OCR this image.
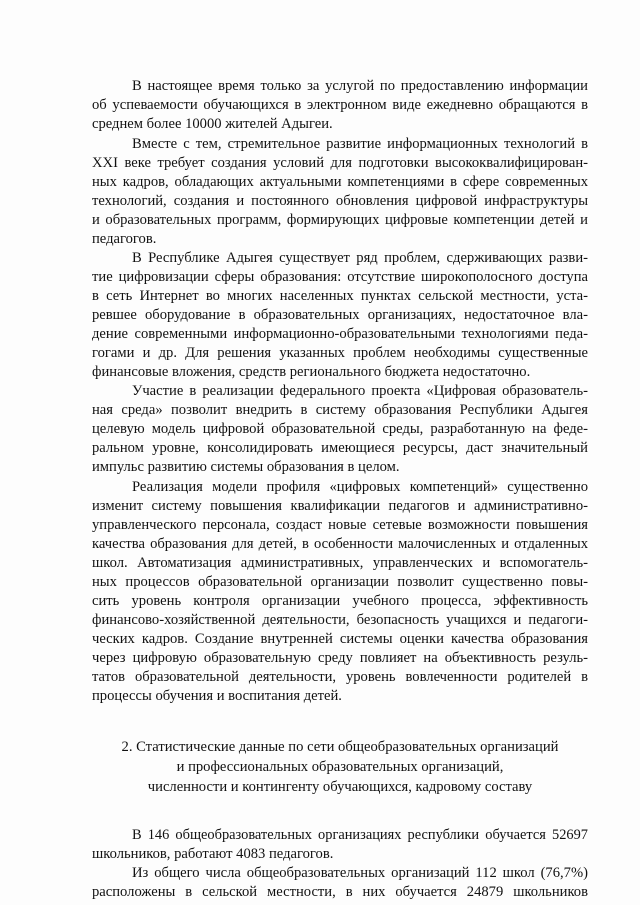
В настоящее время только за услугой по предоставлению информации
об успеваемости обучающихся в электронном виде ежедневно обращаются в
среднем более 10000 жителей Адыгеи.
Вместе с тем, стремительное развитие информационных технологий в
XXI веке требует создания условий для подготовки высококвалифицирован-
ных кадров, обладающих актуальными компетенциями в сфере современных
технологий, создания и постоянного обновления цифровой инфраструктуры
и образовательных программ, формирующих цифровые компетенции детей и
педагогов.
В Республике Адыгея существует ряд проблем, сдерживающих разви-
тие цифровизации сферы образования: отсутствие широкополосного доступа
в сеть Интернет во многих населенных пунктах сельской местности, уста-
ревшее оборудование в образовательных организациях, недостаточное вла-
дение современными информационно-образовательными технологиями педа-
гогами и др. Для решения указанных проблем необходимы существенные
финансовые вложения, средств регионального бюджета недостаточно.
Участие в реализации федерального проекта «Цифровая образователь-
ная среда» позволит внедрить в систему образования Республики Адыгея
целевую модель цифровой образовательной среды, разработанную на феде-
ральном уровне, консолидировать имеющиеся ресурсы, даст значительный
импульс развитию системы образования в целом.
Реализация модели профиля «цифровых компетенций» существенно
изменит систему повышения квалификации педагогов и административно-
управленческого персонала, создаст новые сетевые возможности повышения
качества образования для детей, в особенности малочисленных и отдаленных
школ. Автоматизация административных, управленческих и вспомогатель-
ных процессов образовательной организации позволит существенно повы-
сить уровень контроля организации учебного процесса, эффективность
финансово-хозяйственной деятельности, безопасность учащихся и педагоги-
ческих кадров. Создание внутренней системы оценки качества образования
через цифровую образовательную среду повлияет на объективность резуль-
татов образовательной деятельности, уровень вовлеченности родителей в
процессы обучения и воспитания детей.
2. Статистические данные по сети общеобразовательных организаций
и профессиональных образовательных организаций,
численности и контингенту обучающихся, кадровому составу
В 146 общеобразовательных организациях республики обучается 52697
школьников, работают 4083 педагогов.
Из общего числа общеобразовательных организаций 112 школ (76,7%)
расположены в сельской местности, в них обучается 24879 школьников
